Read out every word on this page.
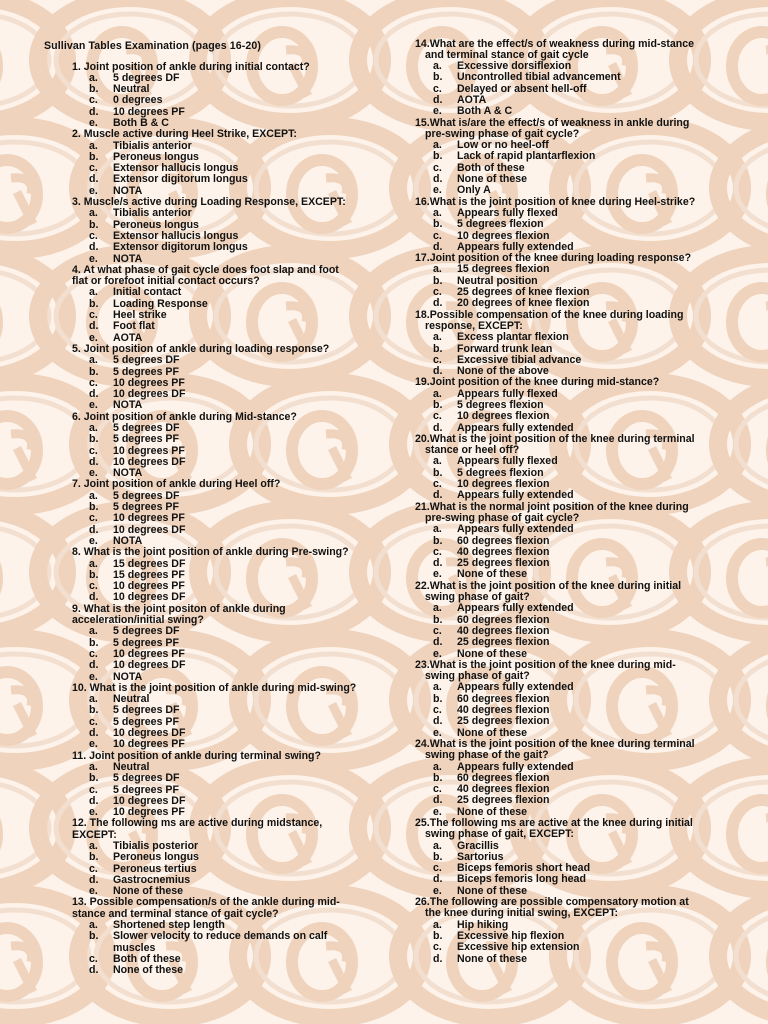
Sullivan Tables Examination (pages 16-20)
1. Joint position of ankle during initial contact?
a.	5 degrees DF
b.	Neutral
c.	0 degrees
d.	10 degrees PF
e.	Both B & C
2. Muscle active during Heel Strike, EXCEPT:
a.	Tibialis anterior
b.	Peroneus longus
c.	Extensor hallucis longus
d.	Extensor digitorum longus
e.	NOTA
3. Muscle/s active during Loading Response, EXCEPT:
a.	Tibialis anterior
b.	Peroneus longus
c.	Extensor hallucis longus
d.	Extensor digitorum longus
e.	NOTA
4. At what phase of gait cycle does foot slap and foot
flat or forefoot initial contact occurs?
a.	Initial contact
b.	Loading Response
c.	Heel strike
d.	Foot flat
e.	AOTA
5. Joint position of ankle during loading response?
a.	5 degrees DF
b.	5 degrees PF
c.	10 degrees PF
d.	10 degrees DF
e.	NOTA
6. Joint position of ankle during Mid-stance?
a.	5 degrees DF
b.	5 degrees PF
c.	10 degrees PF
d.	10 degrees DF
e.	NOTA
7. Joint position of ankle during Heel off?
a.	5 degrees DF
b.	5 degrees PF
c.	10 degrees PF
d.	10 degrees DF
e.	NOTA
8. What is the joint position of ankle during Pre-swing?
a.	15 degrees DF
b.	15 degrees PF
c.	10 degrees PF
d.	10 degrees DF
9. What is the joint positon of ankle during
acceleration/initial swing?
a.	5 degrees DF
b.	5 degrees PF
c.	10 degrees PF
d.	10 degrees DF
e.	NOTA
10. What is the joint position of ankle during mid-swing?
a.	Neutral
b.	5 degrees DF
c.	5 degrees PF
d.	10 degrees DF
e.	10 degrees PF
11. Joint position of ankle during terminal swing?
a.	Neutral
b.	5 degrees DF
c.	5 degrees PF
d.	10 degrees DF
e.	10 degrees PF
12. The following ms are active during midstance,
EXCEPT:
a.	Tibialis posterior
b.	Peroneus longus
c.	Peroneus tertius
d.	Gastrocnemius
e.	None of these
13. Possible compensation/s of the ankle during mid-
stance and terminal stance of gait cycle?
a.	Shortened step length
b.	Slower velocity to reduce demands on calf
muscles
c.	Both of these
d.	None of these
14.What are the effect/s of weakness during mid-stance
and terminal stance of gait cycle
a.	Excessive dorsiflexion
b.	Uncontrolled tibial advancement
c.	Delayed or absent hell-off
d.	AOTA
e.	Both A & C
15.What is/are the effect/s of weakness in ankle during
pre-swing phase of gait cycle?
a.	Low or no heel-off
b.	Lack of rapid plantarflexion
c.	Both of these
d.	None of these
e.	Only A
16.What is the joint position of knee during Heel-strike?
a.	Appears fully flexed
b.	5 degrees flexion
c.	10 degrees flexion
d.	Appears fully extended
17.Joint position of the knee during loading response?
a.	15 degrees flexion
b.	Neutral position
c.	25 degrees of knee flexion
d.	20 degrees of knee flexion
18.Possible compensation of the knee during loading
response, EXCEPT:
a.	Excess plantar flexion
b.	Forward trunk lean
c.	Excessive tibial advance
d.	None of the above
19.Joint position of the knee during mid-stance?
a.	Appears fully flexed
b.	5 degrees flexion
c.	10 degrees flexion
d.	Appears fully extended
20.What is the joint position of the knee during terminal
stance or heel off?
a.	Appears fully flexed
b.	5 degrees flexion
c.	10 degrees flexion
d.	Appears fully extended
21.What is the normal joint position of the knee during
pre-swing phase of gait cycle?
a.	Appears fully extended
b.	60 degrees flexion
c.	40 degrees flexion
d.	25 degrees flexion
e.	None of these
22.What is the joint position of the knee during initial
swing phase of gait?
a.	Appears fully extended
b.	60 degrees flexion
c.	40 degrees flexion
d.	25 degrees flexion
e.	None of these
23.What is the joint position of the knee during mid-
swing phase of gait?
a.	Appears fully extended
b.	60 degrees flexion
c.	40 degrees flexion
d.	25 degrees flexion
e.	None of these
24.What is the joint position of the knee during terminal
swing phase of the gait?
a.	Appears fully extended
b.	60 degrees flexion
c.	40 degrees flexion
d.	25 degrees flexion
e.	None of these
25.The following ms are active at the knee during initial
swing phase of gait, EXCEPT:
a.	Gracillis
b.	Sartorius
c.	Biceps femoris short head
d.	Biceps femoris long head
e.	None of these
26.The following are possible compensatory motion at
the knee during initial swing, EXCEPT:
a.	Hip hiking
b.	Excessive hip flexion
c.	Excessive hip extension
d.	None of these
